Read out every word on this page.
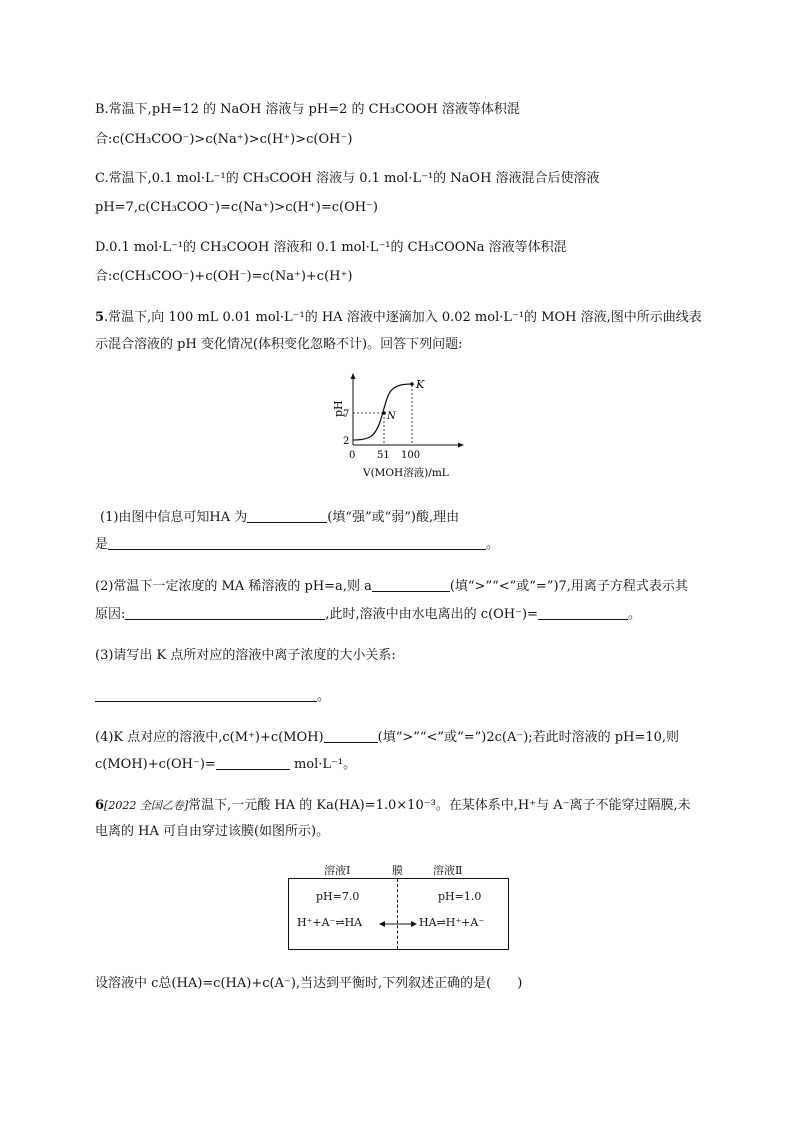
B.常温下,pH=12 的 NaOH 溶液与 pH=2 的 CH₃COOH 溶液等体积混
合:c(CH₃COO⁻)>c(Na⁺)>c(H⁺)>c(OH⁻)
C.常温下,0.1 mol·L⁻¹的 CH₃COOH 溶液与 0.1 mol·L⁻¹的 NaOH 溶液混合后使溶液
pH=7,c(CH₃COO⁻)=c(Na⁺)>c(H⁺)=c(OH⁻)
D.0.1 mol·L⁻¹的 CH₃COOH 溶液和 0.1 mol·L⁻¹的 CH₃COONa 溶液等体积混
合:c(CH₃COO⁻)+c(OH⁻)=c(Na⁺)+c(H⁺)
5.常温下,向 100 mL 0.01 mol·L⁻¹的 HA 溶液中逐滴加入 0.02 mol·L⁻¹的 MOH 溶液,图中所示曲线表
示混合溶液的 pH 变化情况(体积变化忽略不计)。回答下列问题:
pH
7
2
0 51 100
N
K
V(MOH溶液)/mL
(1)由图中信息可知HA 为	(填“强”或“弱”)酸,理由
是	。
(2)常温下一定浓度的 MA 稀溶液的 pH=a,则 a	(填“>”“<”或“=”)7,用离子方程式表示其
原因:	,此时,溶液中由水电离出的 c(OH⁻)=	。
(3)请写出 K 点所对应的溶液中离子浓度的大小关系:
。
(4)K 点对应的溶液中,c(M⁺)+c(MOH)	(填“>”“<”或“=”)2c(A⁻);若此时溶液的 pH=10,则
c(MOH)+c(OH⁻)=	mol·L⁻¹。
6[2022 全国乙卷]常温下,一元酸 HA 的 Ka(HA)=1.0×10⁻³。在某体系中,H⁺与 A⁻离子不能穿过隔膜,未
电离的 HA 可自由穿过该膜(如图所示)。
溶液Ⅰ	膜	溶液Ⅱ
pH=7.0	pH=1.0
H⁺+A⁻⇌HA	HA⇌H⁺+A⁻
设溶液中 c总(HA)=c(HA)+c(A⁻),当达到平衡时,下列叙述正确的是(　　)
